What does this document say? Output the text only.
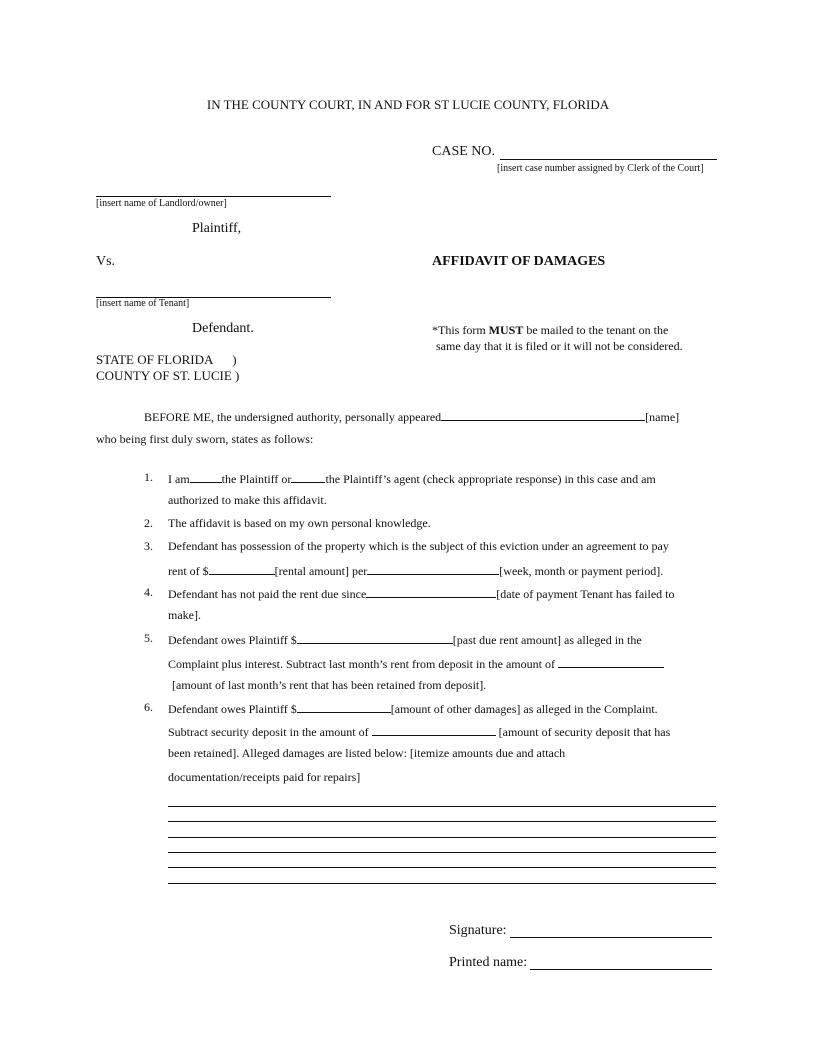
IN THE COUNTY COURT, IN AND FOR ST LUCIE COUNTY, FLORIDA
CASE NO.
[insert case number assigned by Clerk of the Court]
[insert name of Landlord/owner]
Plaintiff,
Vs.	AFFIDAVIT OF DAMAGES
[insert name of Tenant]
Defendant.	*This form MUST be mailed to the tenant on the
same day that it is filed or it will not be considered.
STATE OF FLORIDA      )
COUNTY OF ST. LUCIE )
BEFORE ME, the undersigned authority, personally appeared	[name]
who being first duly sworn, states as follows:
1. I am	the Plaintiff or	the Plaintiff’s agent (check appropriate response) in this case and am
authorized to make this affidavit.
2. The affidavit is based on my own personal knowledge.
3. Defendant has possession of the property which is the subject of this eviction under an agreement to pay
rent of $	[rental amount] per	[week, month or payment period].
4. Defendant has not paid the rent due since	[date of payment Tenant has failed to
make].
5. Defendant owes Plaintiff $	[past due rent amount] as alleged in the
Complaint plus interest. Subtract last month’s rent from deposit in the amount of
[amount of last month’s rent that has been retained from deposit].
6. Defendant owes Plaintiff $	[amount of other damages] as alleged in the Complaint.
Subtract security deposit in the amount of	[amount of security deposit that has
been retained]. Alleged damages are listed below: [itemize amounts due and attach
documentation/receipts paid for repairs]
Signature:
Printed name:
